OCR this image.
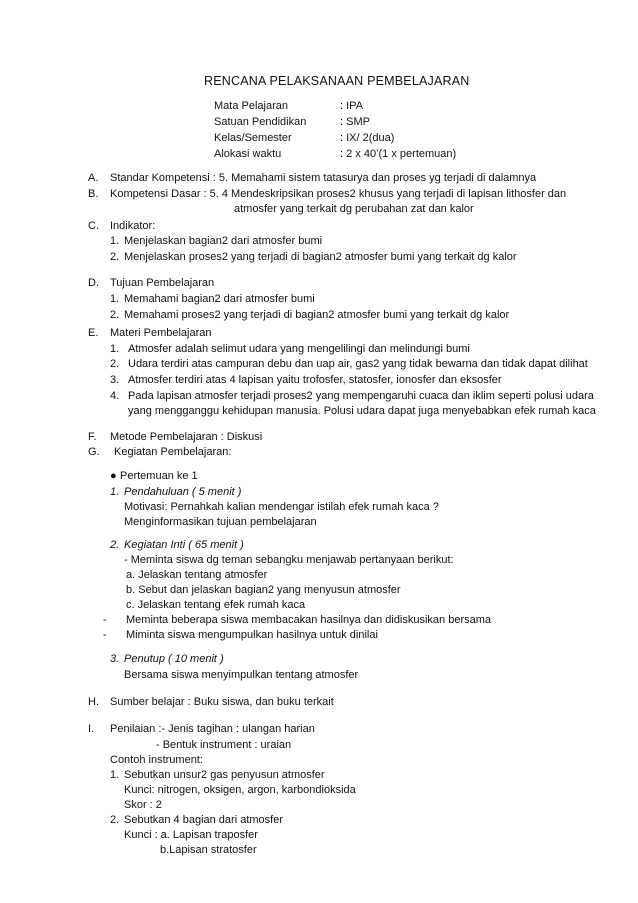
RENCANA PELAKSANAAN PEMBELAJARAN
Mata Pelajaran	: IPA
Satuan Pendidikan	: SMP
Kelas/Semester	: IX/ 2(dua)
Alokasi waktu	: 2 x 40’(1 x pertemuan)
A. Standar Kompetensi : 5. Memahami sistem tatasurya dan proses yg terjadi di dalamnya
B. Kompetensi Dasar : 5. 4 Mendeskripsikan proses2 khusus yang terjadi di lapisan lithosfer dan
atmosfer yang terkait dg perubahan zat dan kalor
C. Indikator:
1. Menjelaskan bagian2 dari atmosfer bumi
2. Menjelaskan proses2 yang terjadi di bagian2 atmosfer bumi yang terkait dg kalor
D. Tujuan Pembelajaran
1. Memahami bagian2 dari atmosfer bumi
2. Memahami proses2 yang terjadi di bagian2 atmosfer bumi yang terkait dg kalor
E. Materi Pembelajaran
1. Atmosfer adalah selimut udara yang mengelilingi dan melindungi bumi
2. Udara terdiri atas campuran debu dan uap air, gas2 yang tidak bewarna dan tidak dapat dilihat
3. Atmosfer terdiri atas 4 lapisan yaitu trofosfer, statosfer, ionosfer dan eksosfer
4. Pada lapisan atmosfer terjadi proses2 yang mempengaruhi cuaca dan iklim seperti polusi udara
yang mengganggu kehidupan manusia. Polusi udara dapat juga menyebabkan efek rumah kaca
F. Metode Pembelajaran : Diskusi
G. Kegiatan Pembelajaran:
● Pertemuan ke 1
1. Pendahuluan ( 5 menit )
Motivasi: Pernahkah kalian mendengar istilah efek rumah kaca ?
Menginformasikan tujuan pembelajaran
2. Kegiatan Inti ( 65 menit )
- Meminta siswa dg teman sebangku menjawab pertanyaan berikut:
a. Jelaskan tentang atmosfer
b. Sebut dan jelaskan bagian2 yang menyusun atmosfer
c. Jelaskan tentang efek rumah kaca
- Meminta beberapa siswa membacakan hasilnya dan didiskusikan bersama
- Miminta siswa mengumpulkan hasilnya untuk dinilai
3. Penutup ( 10 menit )
Bersama siswa menyimpulkan tentang atmosfer
H. Sumber belajar : Buku siswa, dan buku terkait
I. Penilaian :- Jenis tagihan : ulangan harian
- Bentuk instrument : uraian
Contoh instrument:
1. Sebutkan unsur2 gas penyusun atmosfer
Kunci: nitrogen, oksigen, argon, karbondioksida
Skor : 2
2. Sebutkan 4 bagian dari atmosfer
Kunci : a. Lapisan traposfer
b.Lapisan stratosfer
